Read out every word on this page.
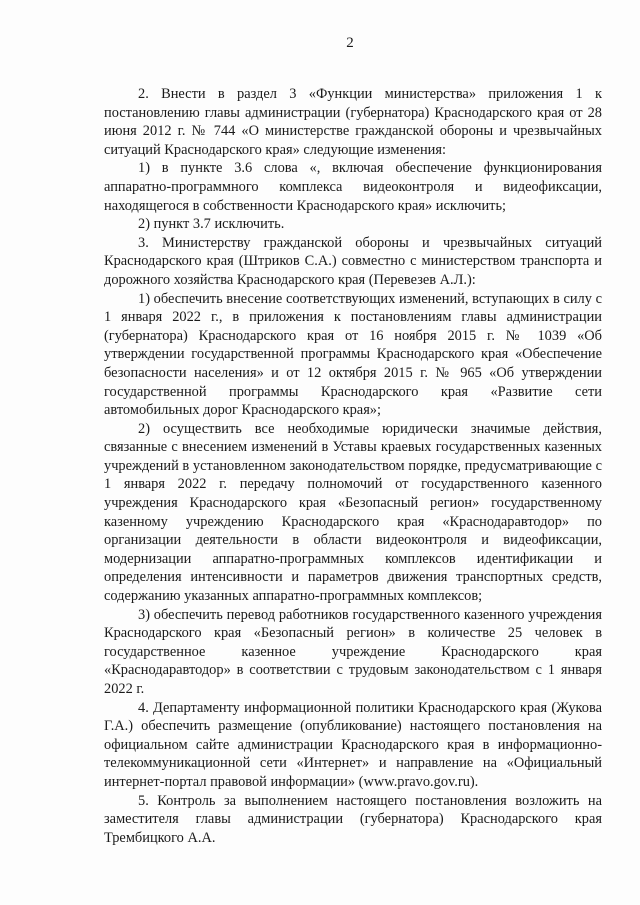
2

2. Внести в раздел 3 «Функции министерства» приложения 1 к постановлению главы администрации (губернатора) Краснодарского края от 28 июня 2012 г. № 744 «О министерстве гражданской обороны и чрезвычайных ситуаций Краснодарского края» следующие изменения:

1) в пункте 3.6 слова «, включая обеспечение функционирования аппаратно-программного комплекса видеоконтроля и видеофиксации, находящегося в собственности Краснодарского края» исключить;

2) пункт 3.7 исключить.

3. Министерству гражданской обороны и чрезвычайных ситуаций Краснодарского края (Штриков С.А.) совместно с министерством транспорта и дорожного хозяйства Краснодарского края (Перевезев А.Л.):

1) обеспечить внесение соответствующих изменений, вступающих в силу с 1 января 2022 г., в приложения к постановлениям главы администрации (губернатора) Краснодарского края от 16 ноября 2015 г. № 1039 «Об утверждении государственной программы Краснодарского края «Обеспечение безопасности населения» и от 12 октября 2015 г. № 965 «Об утверждении государственной программы Краснодарского края «Развитие сети автомобильных дорог Краснодарского края»;

2) осуществить все необходимые юридически значимые действия, связанные с внесением изменений в Уставы краевых государственных казенных учреждений в установленном законодательством порядке, предусматривающие с 1 января 2022 г. передачу полномочий от государственного казенного учреждения Краснодарского края «Безопасный регион» государственному казенному учреждению Краснодарского края «Краснодаравтодор» по организации деятельности в области видеоконтроля и видеофиксации, модернизации аппаратно-программных комплексов идентификации и определения интенсивности и параметров движения транспортных средств, содержанию указанных аппаратно-программных комплексов;

3) обеспечить перевод работников государственного казенного учреждения Краснодарского края «Безопасный регион» в количестве 25 человек в государственное казенное учреждение Краснодарского края «Краснодаравтодор» в соответствии с трудовым законодательством с 1 января 2022 г.

4. Департаменту информационной политики Краснодарского края (Жукова Г.А.) обеспечить размещение (опубликование) настоящего постановления на официальном сайте администрации Краснодарского края в информационно-телекоммуникационной сети «Интернет» и направление на «Официальный интернет-портал правовой информации» (www.pravo.gov.ru).

5. Контроль за выполнением настоящего постановления возложить на заместителя главы администрации (губернатора) Краснодарского края Трембицкого А.А.
